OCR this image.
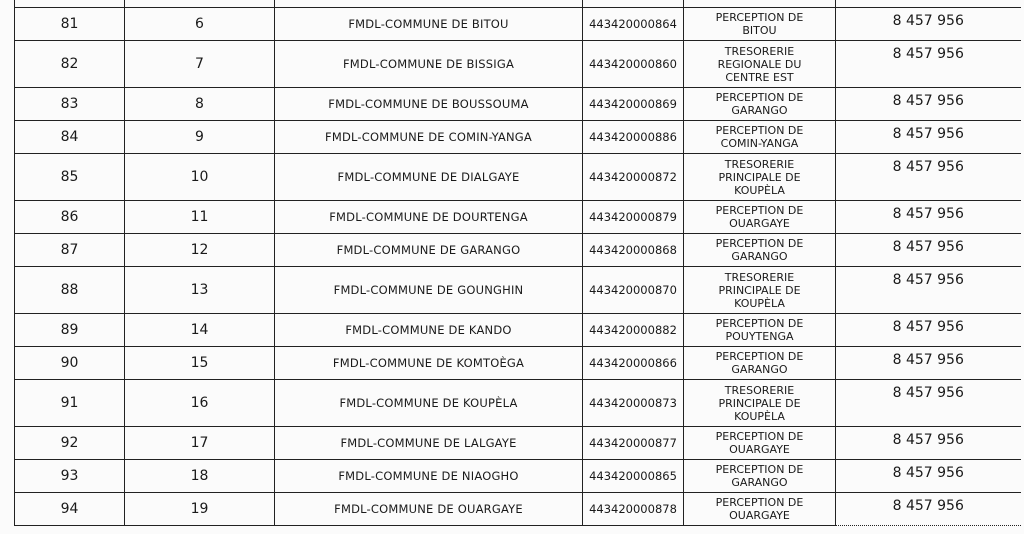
81	6	FMDL-COMMUNE DE BITOU	443420000864	PERCEPTION DE
BITOU	8 457 956
82	7	FMDL-COMMUNE DE BISSIGA	443420000860	TRESORERIE
REGIONALE DU
CENTRE EST	8 457 956
83	8	FMDL-COMMUNE DE BOUSSOUMA	443420000869	PERCEPTION DE
GARANGO	8 457 956
84	9	FMDL-COMMUNE DE COMIN-YANGA	443420000886	PERCEPTION DE
COMIN-YANGA	8 457 956
85	10	FMDL-COMMUNE DE DIALGAYE	443420000872	TRESORERIE
PRINCIPALE DE
KOUPÈLA	8 457 956
86	11	FMDL-COMMUNE DE DOURTENGA	443420000879	PERCEPTION DE
OUARGAYE	8 457 956
87	12	FMDL-COMMUNE DE GARANGO	443420000868	PERCEPTION DE
GARANGO	8 457 956
88	13	FMDL-COMMUNE DE GOUNGHIN	443420000870	TRESORERIE
PRINCIPALE DE
KOUPÈLA	8 457 956
89	14	FMDL-COMMUNE DE KANDO	443420000882	PERCEPTION DE
POUYTENGA	8 457 956
90	15	FMDL-COMMUNE DE KOMTOÈGA	443420000866	PERCEPTION DE
GARANGO	8 457 956
91	16	FMDL-COMMUNE DE KOUPÈLA	443420000873	TRESORERIE
PRINCIPALE DE
KOUPÈLA	8 457 956
92	17	FMDL-COMMUNE DE LALGAYE	443420000877	PERCEPTION DE
OUARGAYE	8 457 956
93	18	FMDL-COMMUNE DE NIAOGHO	443420000865	PERCEPTION DE
GARANGO	8 457 956
94	19	FMDL-COMMUNE DE OUARGAYE	443420000878	PERCEPTION DE
OUARGAYE	8 457 956
